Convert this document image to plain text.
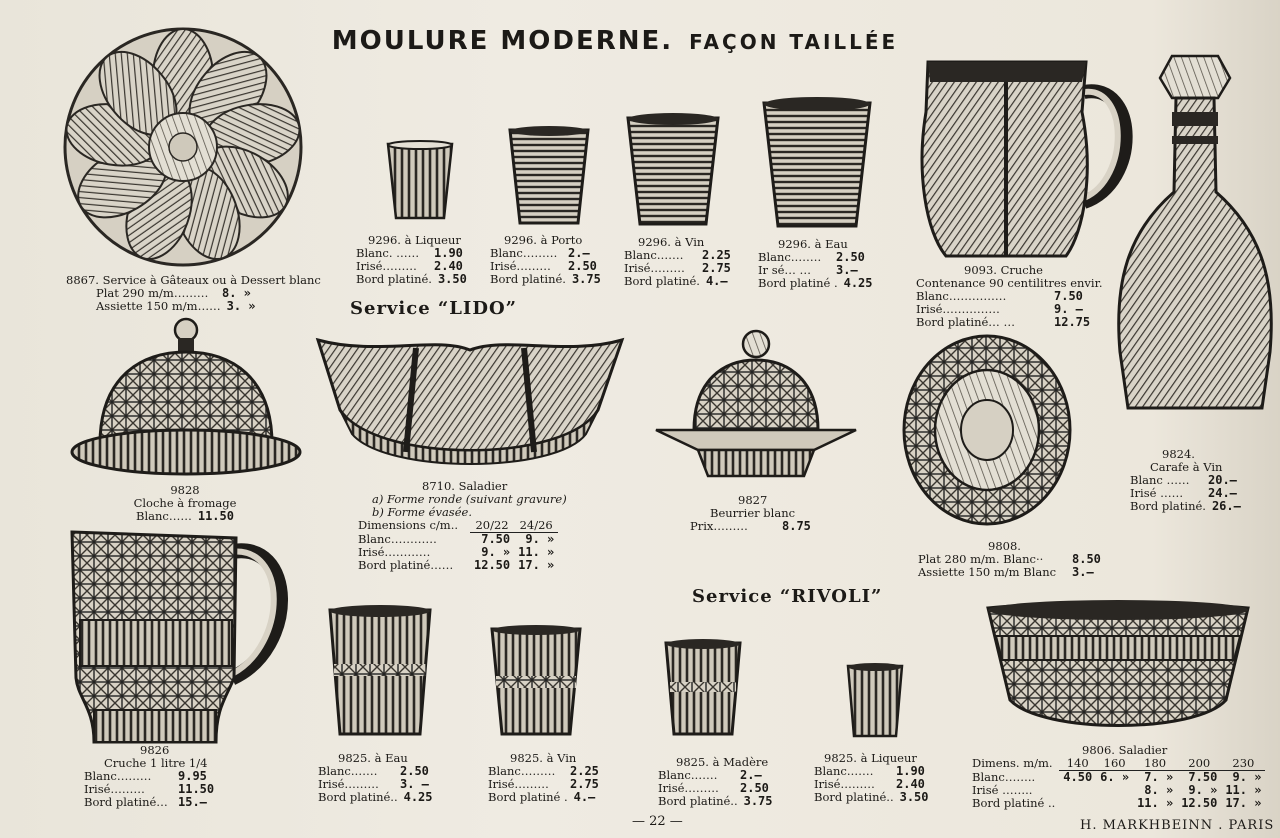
MOULURE MODERNE. FAÇON TAILLÉE
8867. Service à Gâteaux ou à Dessert blanc
Plat 290 m/m………	8. »
Assiette 150 m/m…… 3. »
9296. à Liqueur
Blanc. ……	1.90
Irisé………	2.40
Bord platiné. 3.50
9296. à Porto
Blanc……… 2.—
Irisé………	2.50
Bord platiné. 3.75
9296. à Vin
Blanc.……	2.25
Irisé………	2.75
Bord platiné. 4.—
9296. à Eau
Blanc.…….	2.50
Ir sé… …	3.—
Bord platiné . 4.25
9093. Cruche
Contenance 90 centilitres envir.
Blanc……………	7.50
Irisé……………	9. —
Bord platiné… …	12.75
Service “LIDO”
9828
Cloche à fromage
Blanc…… 11.50
8710. Saladier
a) Forme ronde (suivant gravure)
b) Forme évasée.
Dimensions c/m..	20/22	24/26
Blanc…………	7.50	9. »
Irisé…………	9. »	11. »
Bord platiné……	12.50	17. »
9827
Beurrier blanc
Prix………	8.75
9824.
Carafe à Vin
Blanc ……	20.—
Irisé ……	24.—
Bord platiné. 26.—
9808.
Plat 280 m/m. Blanc··	8.50
Assiette 150 m/m Blanc	3.—
Service “RIVOLI”
9826
Cruche 1 litre 1/4
Blanc………	9.95
Irisé………	11.50
Bord platiné… 15.—
9825. à Eau
Blanc.……	2.50
Irisé………	3. —
Bord platiné.. 4.25
9825. à Vin
Blanc………	2.25
Irisé………	2.75
Bord platiné . 4.—
9825. à Madère
Blanc.……	2.—
Irisé………	2.50
Bord platiné.. 3.75
9825. à Liqueur
Blanc.……	1.90
Irisé………	2.40
Bord platiné.. 3.50
9806. Saladier
Dimens. m/m.	140	160	180	200	230
Blanc……..	4.50	6. »	7. »	7.50	9. »
Irisé ……..			8. »	9. »	11. »
Bord platiné ..			11. »	12.50	17. »
— 22 —	H. MARKHBEINN . PARIS
